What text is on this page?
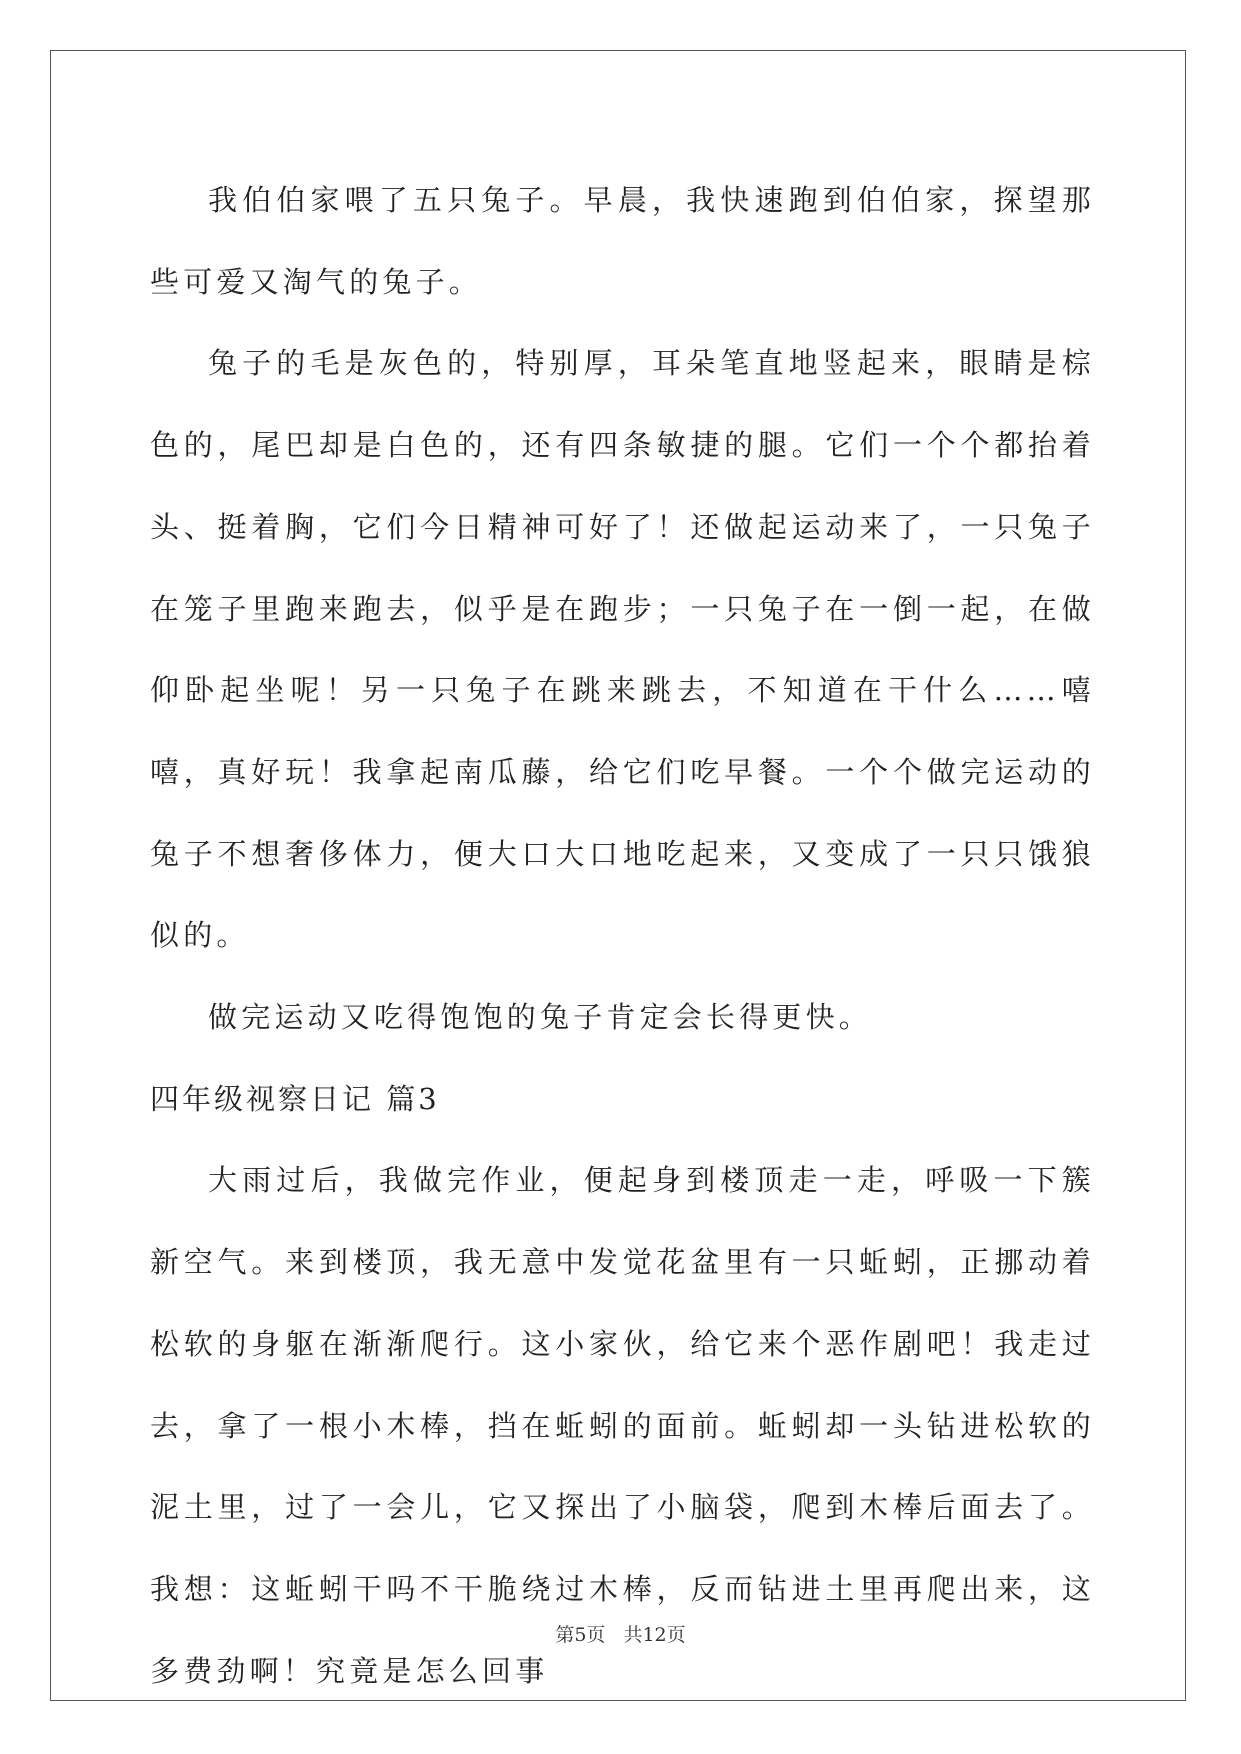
我伯伯家喂了五只兔子。早晨，我快速跑到伯伯家，探望那些可爱又淘气的兔子。

兔子的毛是灰色的，特别厚，耳朵笔直地竖起来，眼睛是棕色的，尾巴却是白色的，还有四条敏捷的腿。它们一个个都抬着头、挺着胸，它们今日精神可好了！还做起运动来了，一只兔子在笼子里跑来跑去，似乎是在跑步；一只兔子在一倒一起，在做仰卧起坐呢！另一只兔子在跳来跳去，不知道在干什么……嘻嘻，真好玩！我拿起南瓜藤，给它们吃早餐。一个个做完运动的兔子不想奢侈体力，便大口大口地吃起来，又变成了一只只饿狼似的。

做完运动又吃得饱饱的兔子肯定会长得更快。

四年级视察日记 篇3

大雨过后，我做完作业，便起身到楼顶走一走，呼吸一下簇新空气。来到楼顶，我无意中发觉花盆里有一只蚯蚓，正挪动着松软的身躯在渐渐爬行。这小家伙，给它来个恶作剧吧！我走过去，拿了一根小木棒，挡在蚯蚓的面前。蚯蚓却一头钻进松软的泥土里，过了一会儿，它又探出了小脑袋，爬到木棒后面去了。我想：这蚯蚓干吗不干脆绕过木棒，反而钻进土里再爬出来，这多费劲啊！究竟是怎么回事

第5页 共12页
